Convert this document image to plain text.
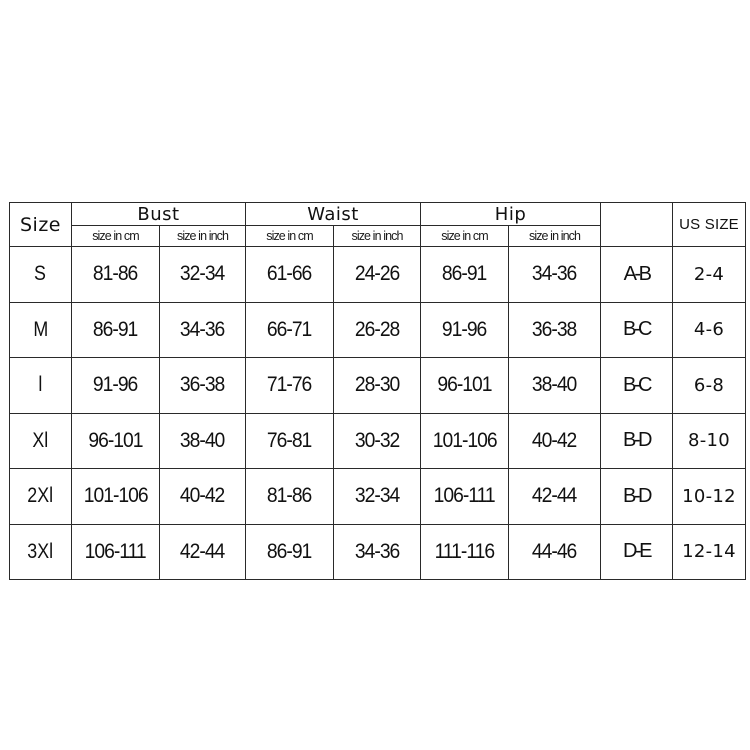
Size	Bust		Waist		Hip			US SIZE
	size in cm	size in inch	size in cm	size in inch	size in cm	size in inch		
S	81-86	32-34	61-66	24-26	86-91	34-36	A-B	2-4
M	86-91	34-36	66-71	26-28	91-96	36-38	B-C	4-6
l	91-96	36-38	71-76	28-30	96-101	38-40	B-C	6-8
Xl	96-101	38-40	76-81	30-32	101-106	40-42	B-D	8-10
2Xl	101-106	40-42	81-86	32-34	106-111	42-44	B-D	10-12
3Xl	106-111	42-44	86-91	34-36	111-116	44-46	D-E	12-14
